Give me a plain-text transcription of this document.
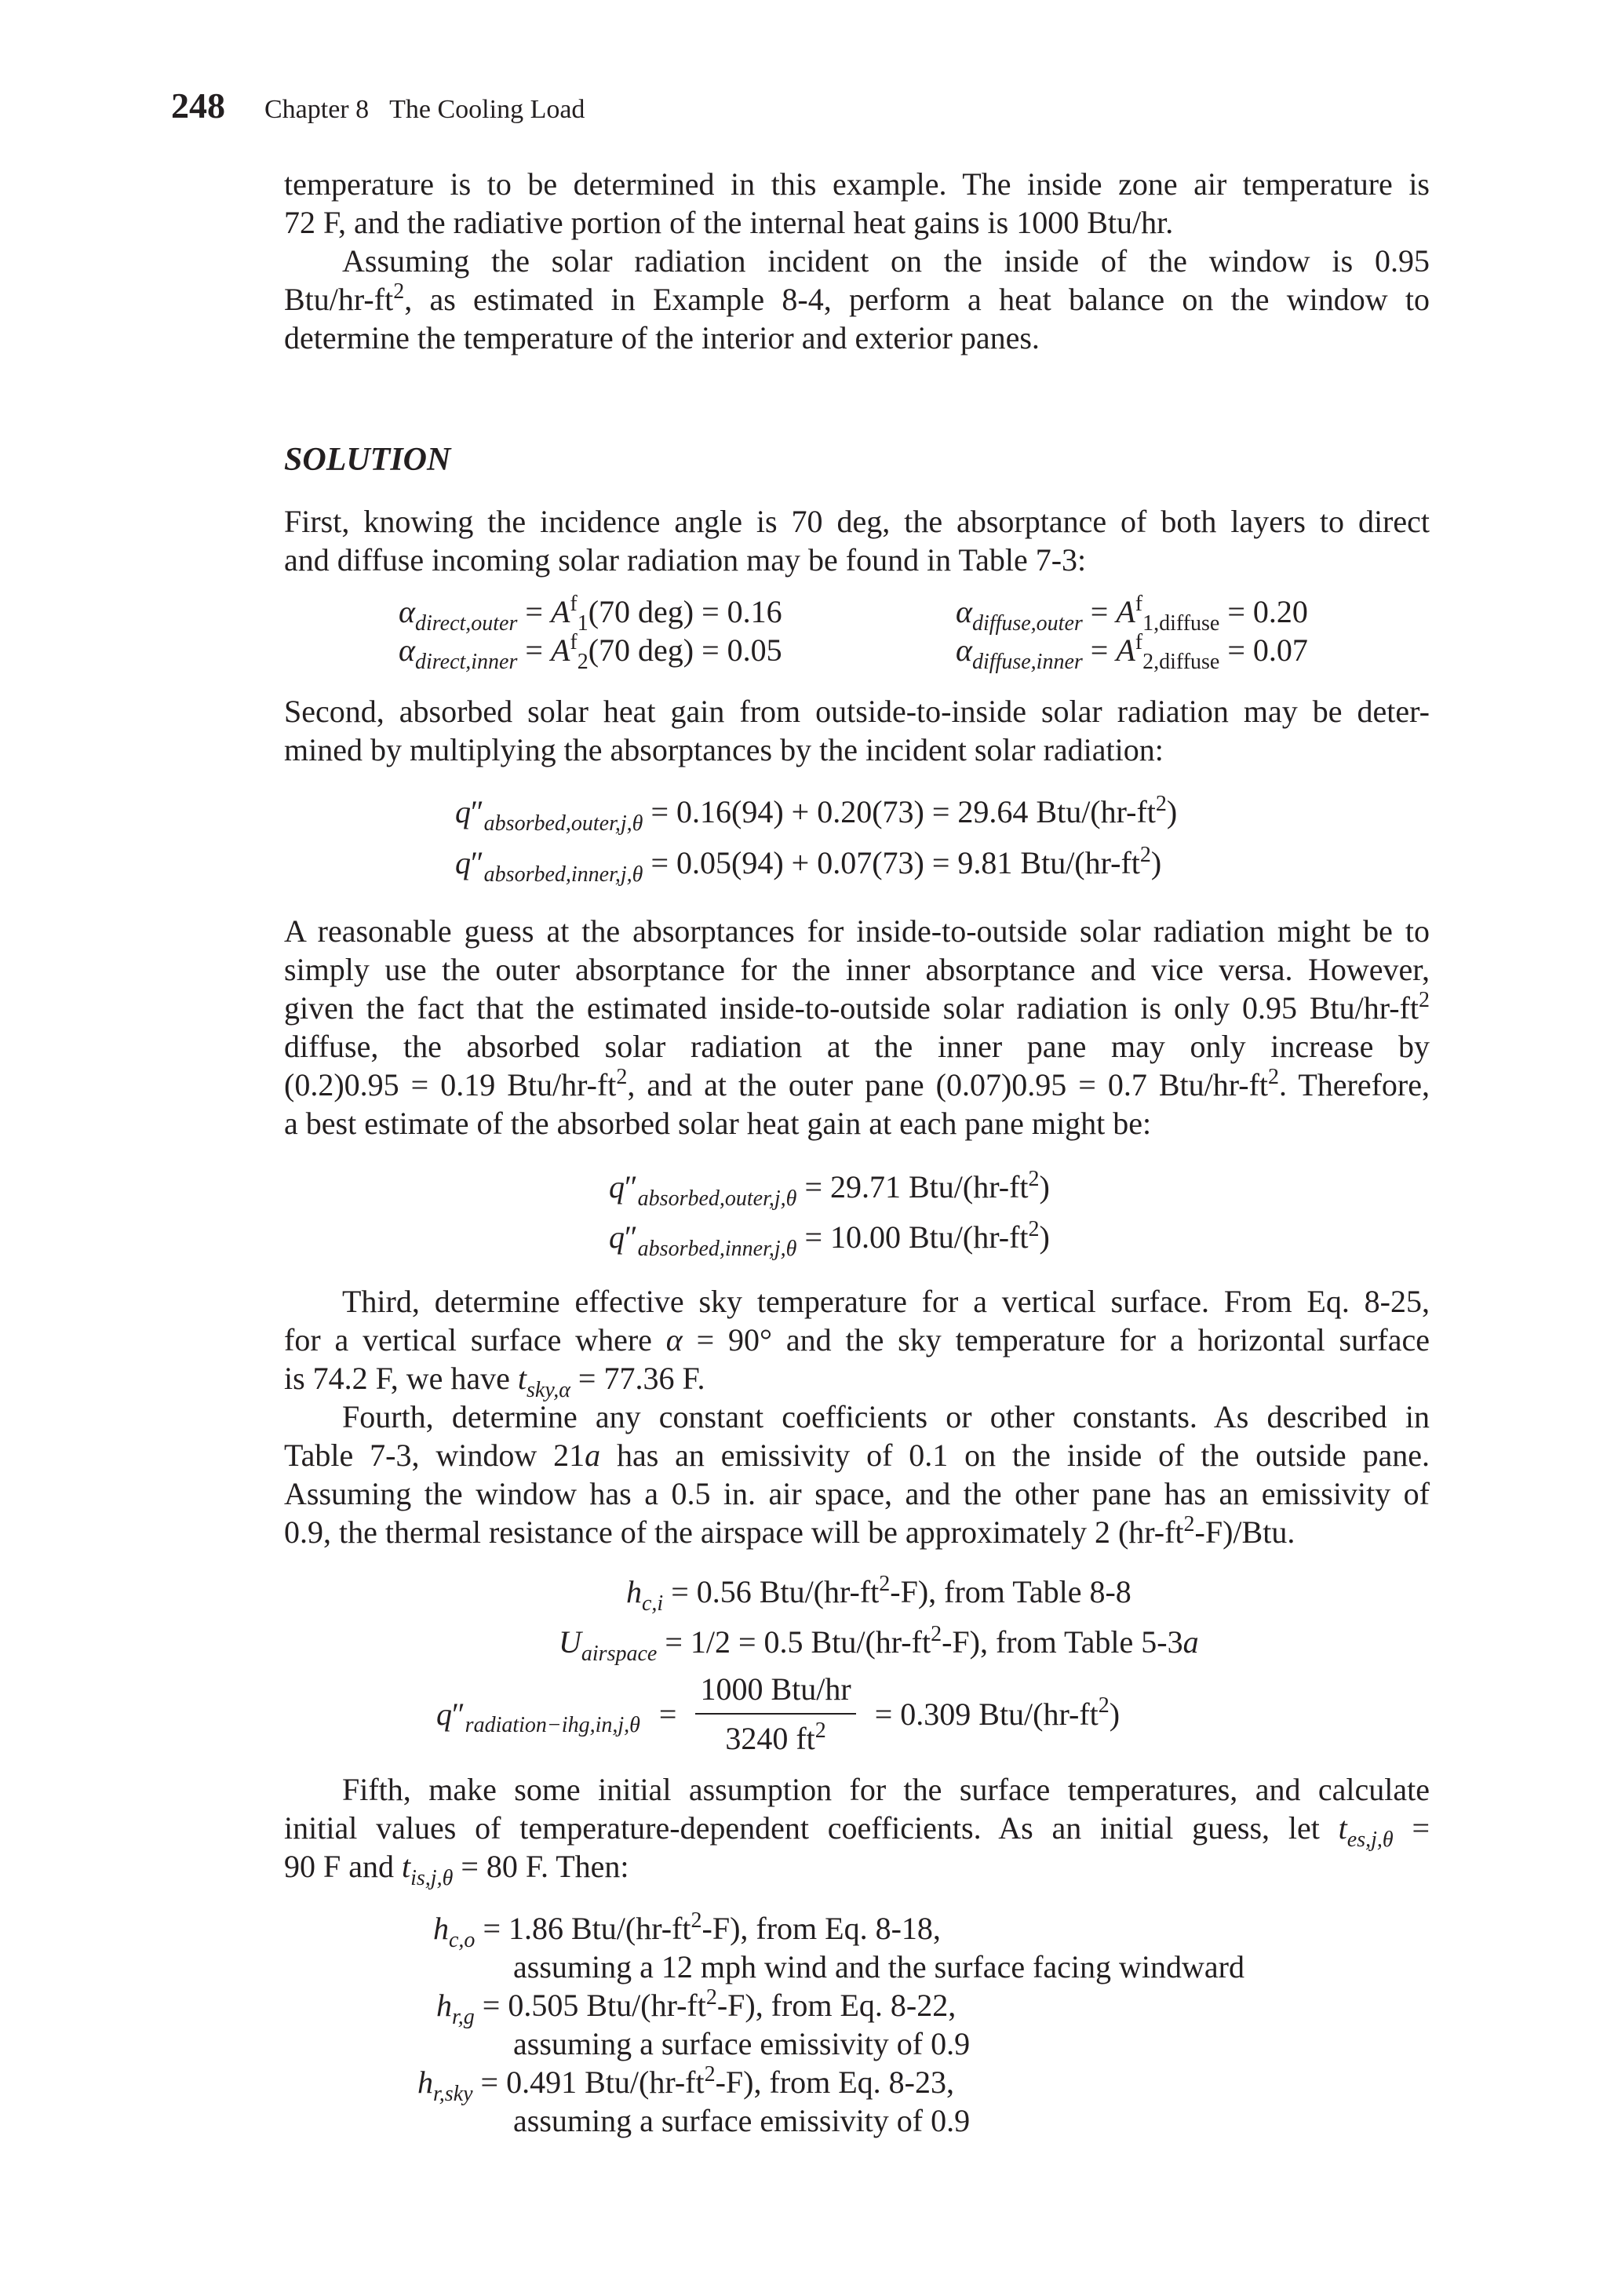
248 Chapter 8 The Cooling Load
temperature is to be determined in this example. The inside zone air temperature is
72 F, and the radiative portion of the internal heat gains is 1000 Btu/hr.
Assuming the solar radiation incident on the inside of the window is 0.95
Btu/$hr-ft^2$, as estimated in Example 8-4, perform a heat balance on the window to
determine the temperature of the interior and exterior panes.
SOLUTION
First, knowing the incidence angle is 70 deg, the absorptance of both layers to direct
and diffuse incoming solar radiation may be found in Table 7-3:
$\alpha_{direct,outer} = A^f_1(70$ deg) = 0.16	$\alpha_{diffuse,outer} = A^f_{1,diffuse} = 0.20$
$\alpha_{direct,inner} = A^f_2(70$ deg) = 0.05	$\alpha_{diffuse,inner} = A^f_{2,diffuse} = 0.07$
Second, absorbed solar heat gain from outside-to-inside solar radiation may be deter-
mined by multiplying the absorptances by the incident solar radiation:
$q''_{absorbed,outer,j,\theta} = 0.16(94) + 0.20(73) = 29.64$ Btu/$(hr-ft^2)$
$q''_{absorbed,inner,j,\theta} = 0.05(94) + 0.07(73) = 9.81$ Btu/$(hr-ft^2)$
A reasonable guess at the absorptances for inside-to-outside solar radiation might be to
simply use the outer absorptance for the inner absorptance and vice versa. However,
given the fact that the estimated inside-to-outside solar radiation is only 0.95 Btu/$hr-ft^2$
diffuse, the absorbed solar radiation at the inner pane may only increase by
(0.2)0.95 = 0.19 Btu/$hr-ft^2$, and at the outer pane (0.07)0.95 = 0.7 Btu/$hr-ft^2$. Therefore,
a best estimate of the absorbed solar heat gain at each pane might be:
$q''_{absorbed,outer,j,\theta} = 29.71$ Btu/$(hr-ft^2)$
$q''_{absorbed,inner,j,\theta} = 10.00$ Btu/$(hr-ft^2)$
Third, determine effective sky temperature for a vertical surface. From Eq. 8-25,
for a vertical surface where α = 90° and the sky temperature for a horizontal surface
is 74.2 F, we have $t_{sky,\alpha} = 77.36$ F.
Fourth, determine any constant coefficients or other constants. As described in
Table 7-3, window 21a has an emissivity of 0.1 on the inside of the outside pane.
Assuming the window has a 0.5 in. air space, and the other pane has an emissivity of
0.9, the thermal resistance of the airspace will be approximately 2 $(hr-ft^2-F)$/Btu.
$h_{c,i} = 0.56$ Btu/$(hr-ft^2-F)$, from Table 8-8
$U_{airspace} = 1/2 = 0.5$ Btu/$(hr-ft^2-F)$, from Table 5-3a
$q''_{radiation-ihg,in,j,\theta} = \frac{\text{1000 Btu/hr}}{3240 ft^2} = 0.309$ Btu/$(hr-ft^2)$
Fifth, make some initial assumption for the surface temperatures, and calculate
initial values of temperature-dependent coefficients. As an initial guess, let $t_{es,j,\theta}$ =
90 F and $t_{is,j,\theta} = 80$ F. Then:
$h_{c,o} = 1.86$ Btu/$(hr-ft^2-F)$, from Eq. 8-18,
assuming a 12 mph wind and the surface facing windward
$h_{r,g} = 0.505$ Btu/$(hr-ft^2-F)$, from Eq. 8-22,
assuming a surface emissivity of 0.9
$h_{r,sky} = 0.491$ Btu/$(hr-ft^2-F)$, from Eq. 8-23,
assuming a surface emissivity of 0.9
